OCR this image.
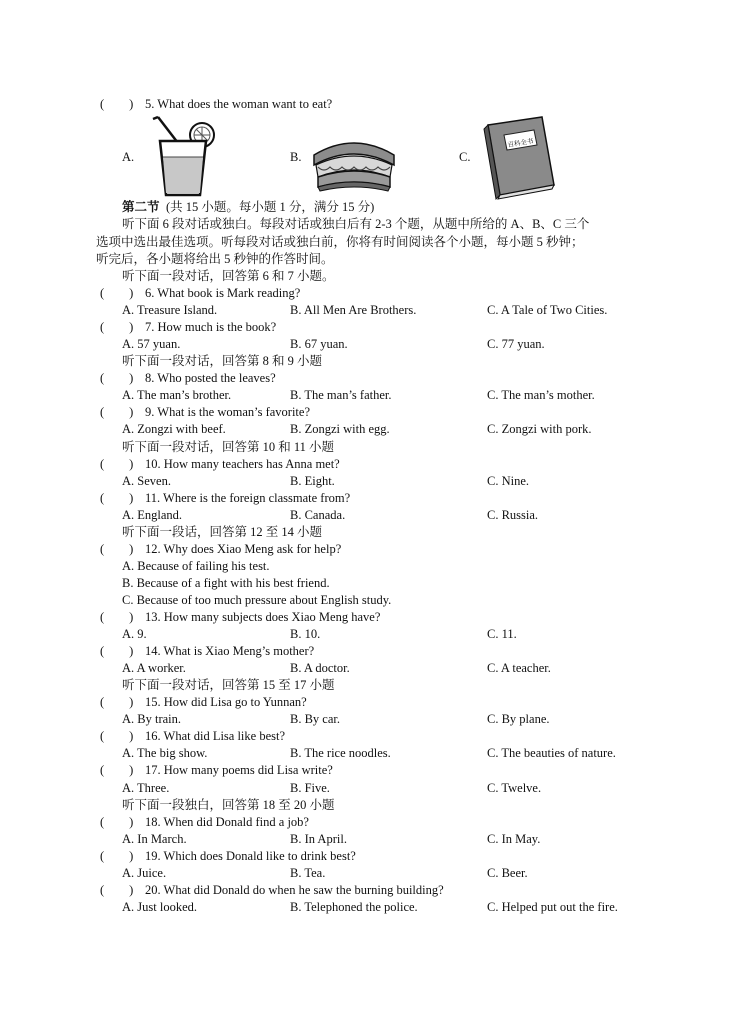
(　　) 5. What does the woman want to eat?
A.	B.	C.
百科全书
第二节 (共 15 小题。每小题 1 分，满分 15 分)
听下面 6 段对话或独白。每段对话或独白后有 2-3 个题，从题中所给的 A、B、C 三个
选项中选出最佳选项。听每段对话或独白前，你将有时间阅读各个小题，每小题 5 秒钟；
听完后，各小题将给出 5 秒钟的作答时间。
听下面一段对话，回答第 6 和 7 小题。
(　　) 6. What book is Mark reading?
A. Treasure Island.	B. All Men Are Brothers.	C. A Tale of Two Cities.
(　　) 7. How much is the book?
A. 57 yuan.	B. 67 yuan.	C. 77 yuan.
听下面一段对话，回答第 8 和 9 小题
(　　) 8. Who posted the leaves?
A. The man’s brother.	B. The man’s father.	C. The man’s mother.
(　　) 9. What is the woman’s favorite?
A. Zongzi with beef.	B. Zongzi with egg.	C. Zongzi with pork.
听下面一段对话，回答第 10 和 11 小题
(　　) 10. How many teachers has Anna met?
A. Seven.	B. Eight.	C. Nine.
(　　) 11. Where is the foreign classmate from?
A. England.	B. Canada.	C. Russia.
听下面一段话，回答第 12 至 14 小题
(　　) 12. Why does Xiao Meng ask for help?
A. Because of failing his test.
B. Because of a fight with his best friend.
C. Because of too much pressure about English study.
(　　) 13. How many subjects does Xiao Meng have?
A. 9.	B. 10.	C. 11.
(　　) 14. What is Xiao Meng’s mother?
A. A worker.	B. A doctor.	C. A teacher.
听下面一段对话，回答第 15 至 17 小题
(　　) 15. How did Lisa go to Yunnan?
A. By train.	B. By car.	C. By plane.
(　　) 16. What did Lisa like best?
A. The big show.	B. The rice noodles.	C. The beauties of nature.
(　　) 17. How many poems did Lisa write?
A. Three.	B. Five.	C. Twelve.
听下面一段独白，回答第 18 至 20 小题
(　　) 18. When did Donald find a job?
A. In March.	B. In April.	C. In May.
(　　) 19. Which does Donald like to drink best?
A. Juice.	B. Tea.	C. Beer.
(　　) 20. What did Donald do when he saw the burning building?
A. Just looked.	B. Telephoned the police.	C. Helped put out the fire.
